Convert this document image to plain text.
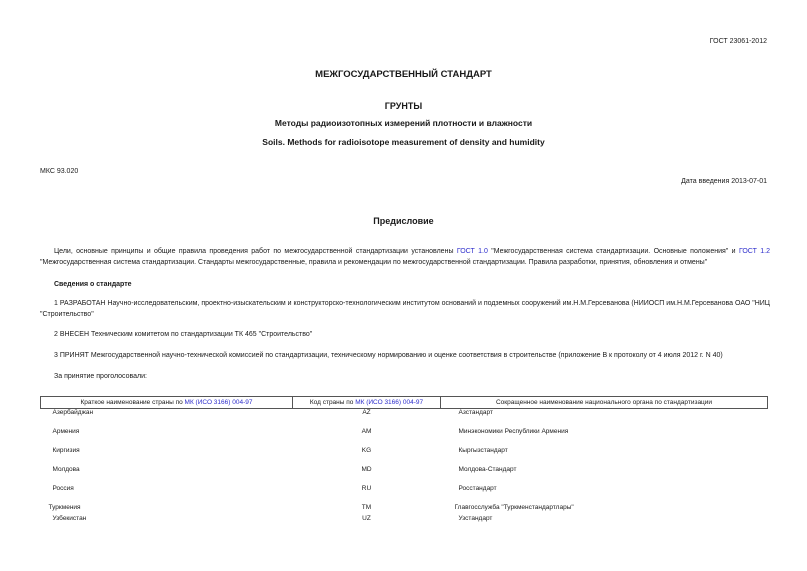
ГОСТ 23061-2012
МЕЖГОСУДАРСТВЕННЫЙ СТАНДАРТ
ГРУНТЫ
Методы радиоизотопных измерений плотности и влажности
Soils. Methods for radioisotope measurement of density and humidity
МКС 93.020
Дата введения 2013-07-01
Предисловие
Цели, основные принципы и общие правила проведения работ по межгосударственной стандартизации установлены ГОСТ 1.0 "Межгосударственная система стандартизации. Основные положения" и ГОСТ 1.2 "Межгосударственная система стандартизации. Стандарты межгосударственные, правила и рекомендации по межгосударственной стандартизации. Правила разработки, принятия, обновления и отмены"
Сведения о стандарте
1 РАЗРАБОТАН Научно-исследовательским, проектно-изыскательским и конструкторско-технологическим институтом оснований и подземных сооружений им.Н.М.Герсеванова (НИИОСП им.Н.М.Герсеванова ОАО "НИЦ "Строительство"
2 ВНЕСЕН Техническим комитетом по стандартизации ТК 465 "Строительство"
3 ПРИНЯТ Межгосударственной научно-технической комиссией по стандартизации, техническому нормированию и оценке соответствия в строительстве (приложение В к протоколу от 4 июля 2012 г. N 40)
За принятие проголосовали:
Краткое наименование страны по МК (ИСО 3166) 004-97	Код страны по МК (ИСО 3166) 004-97	Сокращенное наименование национального органа по стандартизации
Азербайджан	AZ	Азстандарт
Армения	AM	Минэкономики Республики Армения
Киргизия	KG	Кыргызстандарт
Молдова	MD	Молдова-Стандарт
Россия	RU	Росстандарт
Туркмения	TM	Главгосслужба "Туркменстандартлары"
Узбекистан	UZ	Узстандарт
